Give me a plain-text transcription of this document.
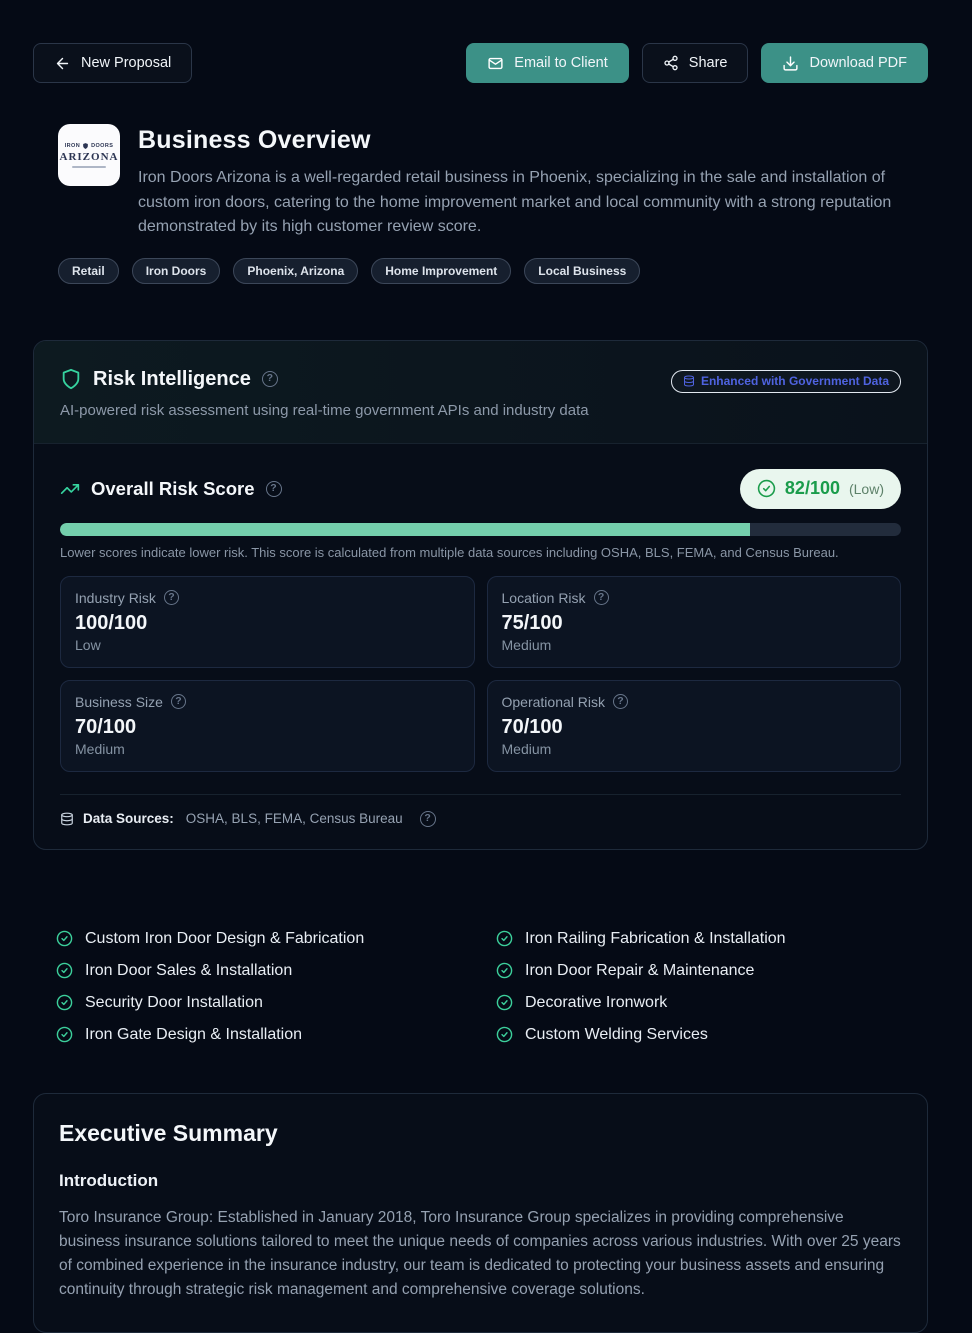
New Proposal	Email to Client	Share	Download PDF
IRON DOORS
ARIZONA
Business Overview

Iron Doors Arizona is a well-regarded retail business in Phoenix, specializing in the sale and installation of custom iron doors, catering to the home improvement market and local community with a strong reputation demonstrated by its high customer review score.

Retail	Iron Doors	Phoenix, Arizona	Home Improvement	Local Business
Risk Intelligence	?
AI-powered risk assessment using real-time government APIs and industry data
Enhanced with Government Data
Overall Risk Score	?	82/100 (Low)
Lower scores indicate lower risk. This score is calculated from multiple data sources including OSHA, BLS, FEMA, and Census Bureau.
Industry Risk	?
100/100
Low
Location Risk	?
75/100
Medium
Business Size	?
70/100
Medium
Operational Risk	?
70/100
Medium
Data Sources: OSHA, BLS, FEMA, Census Bureau	?
Custom Iron Door Design & Fabrication	Iron Railing Fabrication & Installation
Iron Door Sales & Installation	Iron Door Repair & Maintenance
Security Door Installation	Decorative Ironwork
Iron Gate Design & Installation	Custom Welding Services
Executive Summary
Introduction

Toro Insurance Group: Established in January 2018, Toro Insurance Group specializes in providing comprehensive business insurance solutions tailored to meet the unique needs of companies across various industries. With over 25 years of combined experience in the insurance industry, our team is dedicated to protecting your business assets and ensuring continuity through strategic risk management and comprehensive coverage solutions.
